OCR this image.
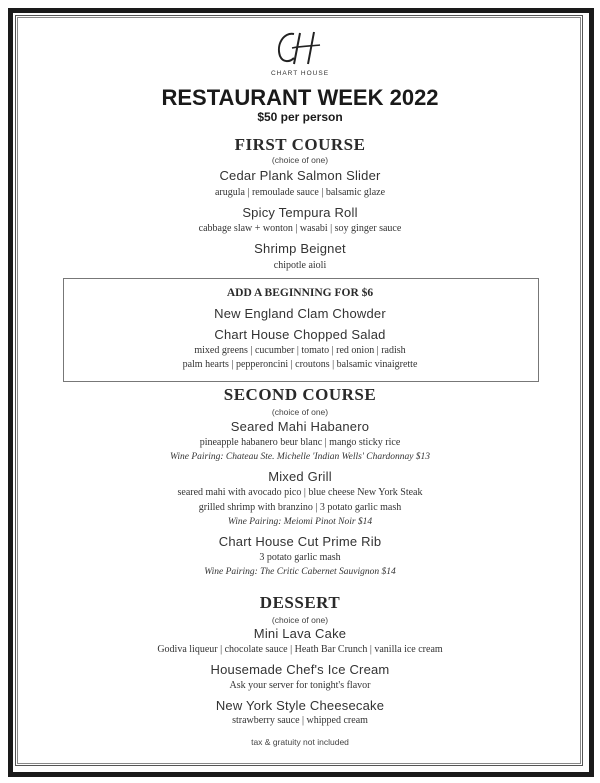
CHART HOUSE
RESTAURANT WEEK 2022
$50 per person
FIRST COURSE
(choice of one)
Cedar Plank Salmon Slider
arugula | remoulade sauce | balsamic glaze
Spicy Tempura Roll
cabbage slaw + wonton | wasabi | soy ginger sauce
Shrimp Beignet
chipotle aioli
ADD A BEGINNING FOR $6
New England Clam Chowder
Chart House Chopped Salad
mixed greens | cucumber | tomato | red onion | radish
palm hearts | pepperoncini | croutons | balsamic vinaigrette
SECOND COURSE
(choice of one)
Seared Mahi Habanero
pineapple habanero beur blanc | mango sticky rice
Wine Pairing: Chateau Ste. Michelle 'Indian Wells' Chardonnay $13
Mixed Grill
seared mahi with avocado pico | blue cheese New York Steak
grilled shrimp with branzino | 3 potato garlic mash
Wine Pairing: Meiomi Pinot Noir $14
Chart House Cut Prime Rib
3 potato garlic mash
Wine Pairing: The Critic Cabernet Sauvignon $14
DESSERT
(choice of one)
Mini Lava Cake
Godiva liqueur | chocolate sauce | Heath Bar Crunch | vanilla ice cream
Housemade Chef's Ice Cream
Ask your server for tonight's flavor
New York Style Cheesecake
strawberry sauce | whipped cream
tax & gratuity not included
